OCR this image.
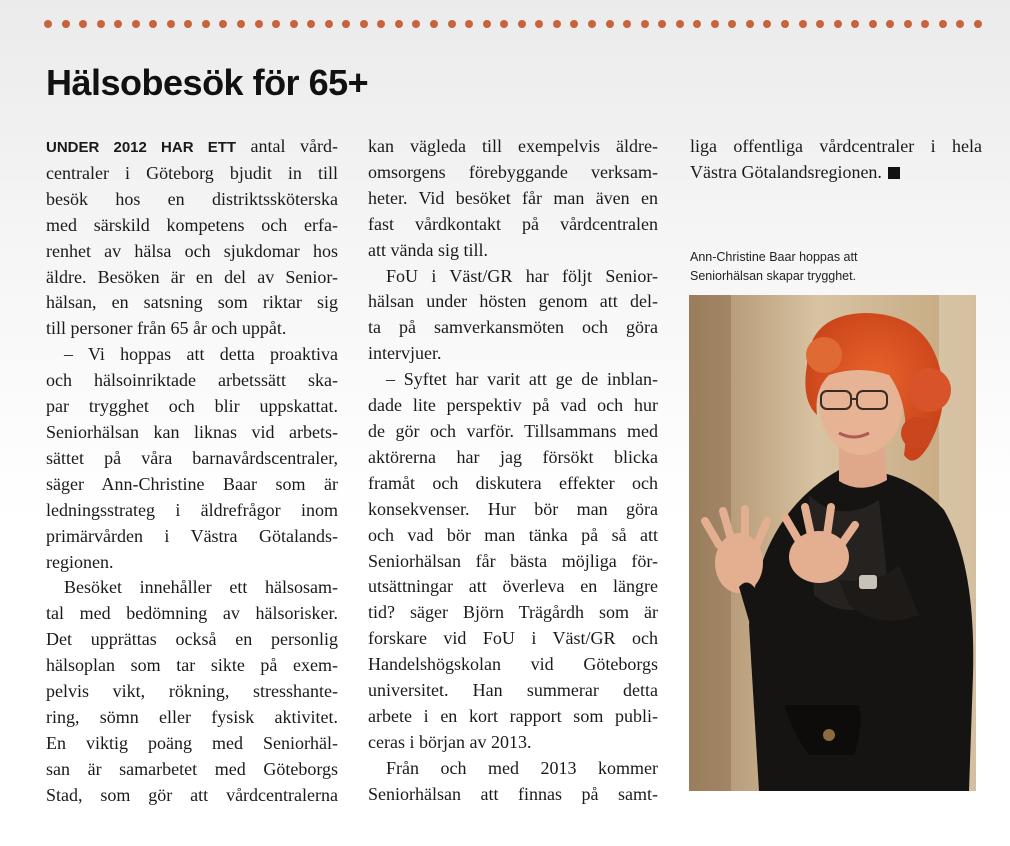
Hälsobesök för 65+
UNDER 2012 HAR ETT antal vård-
centraler i Göteborg bjudit in till
besök hos en distriktssköterska
med särskild kompetens och erfa-
renhet av hälsa och sjukdomar hos
äldre. Besöken är en del av Senior-
hälsan, en satsning som riktar sig
till personer från 65 år och uppåt.
– Vi hoppas att detta proaktiva
och hälsoinriktade arbetssätt ska-
par trygghet och blir uppskattat.
Seniorhälsan kan liknas vid arbets-
sättet på våra barnavårdscentraler,
säger Ann-Christine Baar som är
ledningsstrateg i äldrefrågor inom
primärvården i Västra Götalands-
regionen.
Besöket innehåller ett hälsosam-
tal med bedömning av hälsorisker.
Det upprättas också en personlig
hälsoplan som tar sikte på exem-
pelvis vikt, rökning, stresshante-
ring, sömn eller fysisk aktivitet.
En viktig poäng med Seniorhäl-
san är samarbetet med Göteborgs
Stad, som gör att vårdcentralerna
kan vägleda till exempelvis äldre-
omsorgens förebyggande verksam-
heter. Vid besöket får man även en
fast vårdkontakt på vårdcentralen
att vända sig till.
FoU i Väst/GR har följt Senior-
hälsan under hösten genom att del-
ta på samverkansmöten och göra
intervjuer.
– Syftet har varit att ge de inblan-
dade lite perspektiv på vad och hur
de gör och varför. Tillsammans med
aktörerna har jag försökt blicka
framåt och diskutera effekter och
konsekvenser. Hur bör man göra
och vad bör man tänka på så att
Seniorhälsan får bästa möjliga för-
utsättningar att överleva en längre
tid? säger Björn Trägårdh som är
forskare vid FoU i Väst/GR och
Handelshögskolan vid Göteborgs
universitet. Han summerar detta
arbete i en kort rapport som publi-
ceras i början av 2013.
Från och med 2013 kommer
Seniorhälsan att finnas på samt-
liga offentliga vårdcentraler i hela
Västra Götalandsregionen.
Ann-Christine Baar hoppas att
Seniorhälsan skapar trygghet.
